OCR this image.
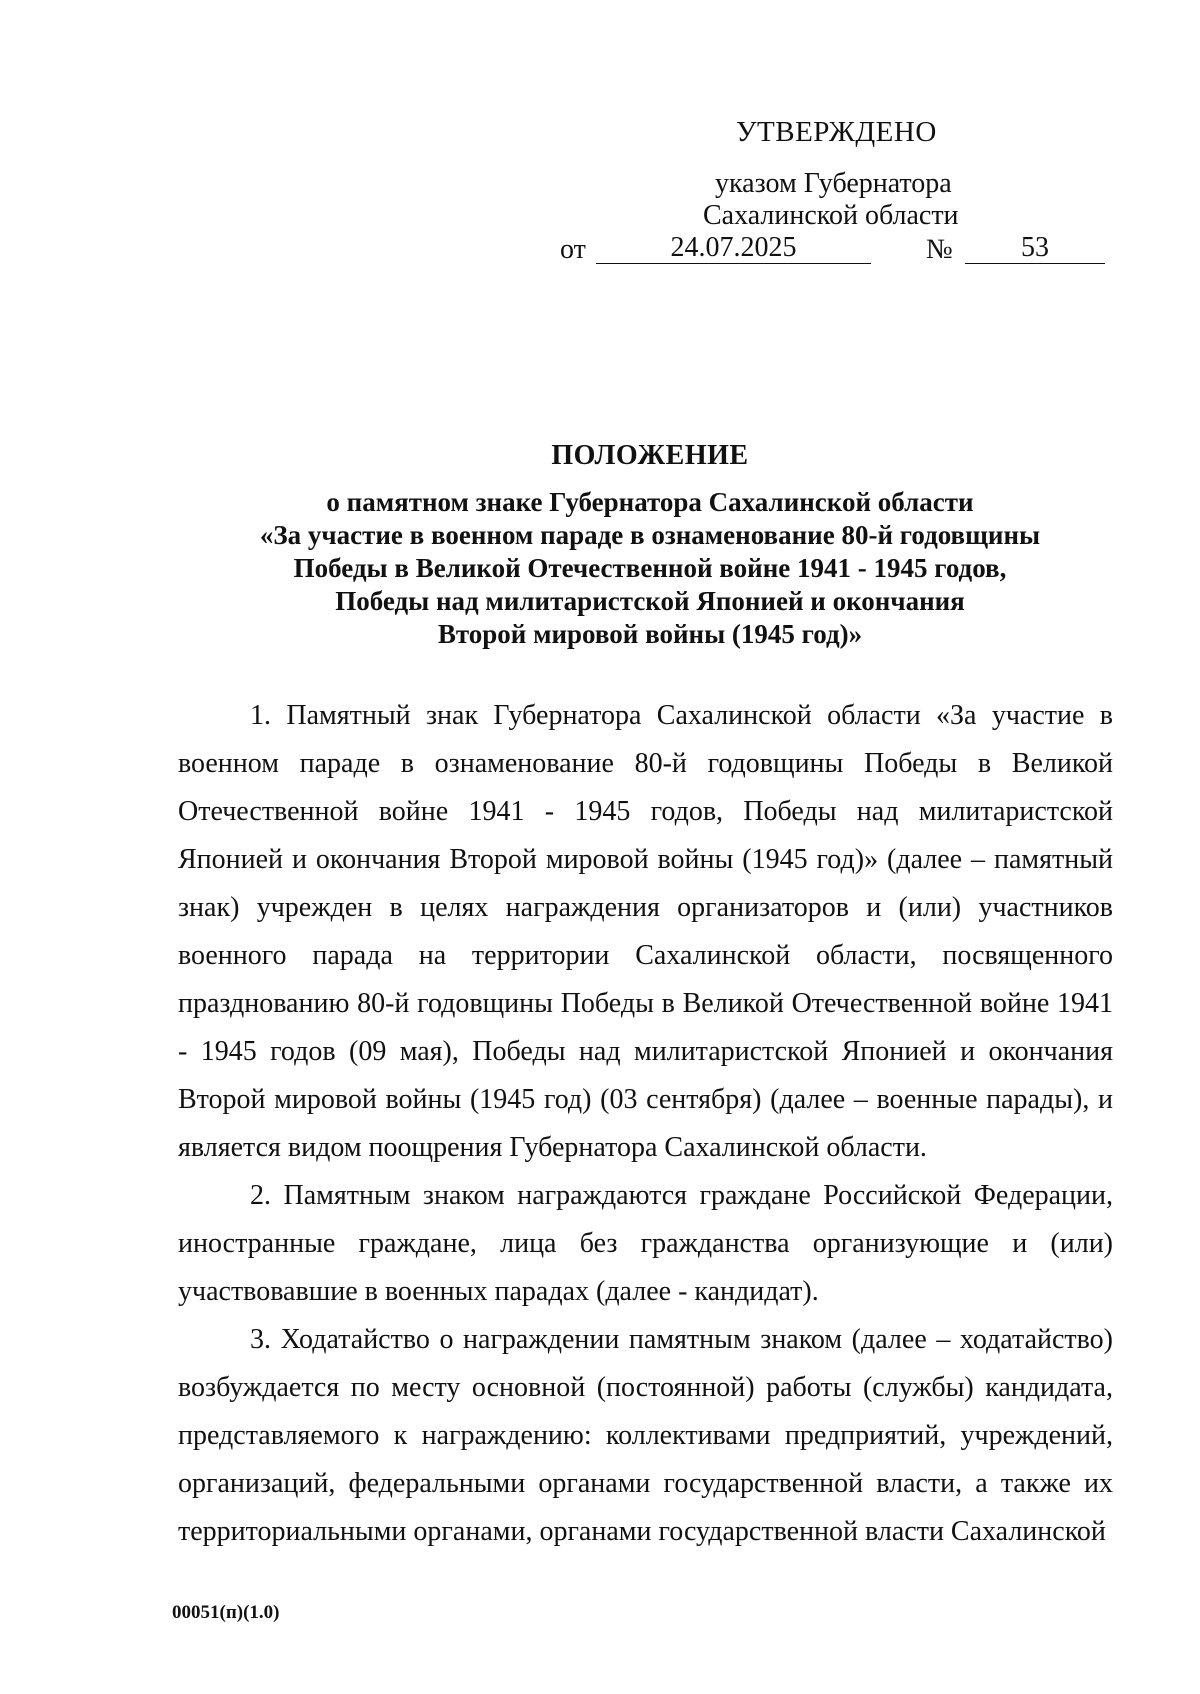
УТВЕРЖДЕНО
указом Губернатора
Сахалинской области
от	24.07.2025	№	53
ПОЛОЖЕНИЕ
о памятном знаке Губернатора Сахалинской области
«За участие в военном параде в ознаменование 80-й годовщины
Победы в Великой Отечественной войне 1941 - 1945 годов,
Победы над милитаристской Японией и окончания
Второй мировой войны (1945 год)»

1. Памятный знак Губернатора Сахалинской области «За участие в военном параде в ознаменование 80-й годовщины Победы в Великой Отечественной войне 1941 - 1945 годов, Победы над милитаристской Японией и окончания Второй мировой войны (1945 год)» (далее – памятный знак) учрежден в целях награждения организаторов и (или) участников военного парада на территории Сахалинской области, посвященного празднованию 80-й годовщины Победы в Великой Отечественной войне 1941 - 1945 годов (09 мая), Победы над милитаристской Японией и окончания Второй мировой войны (1945 год) (03 сентября) (далее – военные парады), и является видом поощрения Губернатора Сахалинской области.

2. Памятным знаком награждаются граждане Российской Федерации, иностранные граждане, лица без гражданства организующие и (или) участвовавшие в военных парадах (далее - кандидат).

3. Ходатайство о награждении памятным знаком (далее – ходатайство) возбуждается по месту основной (постоянной) работы (службы) кандидата, представляемого к награждению: коллективами предприятий, учреждений, организаций, федеральными органами государственной власти, а также их территориальными органами, органами государственной власти Сахалинской

00051(п)(1.0)
